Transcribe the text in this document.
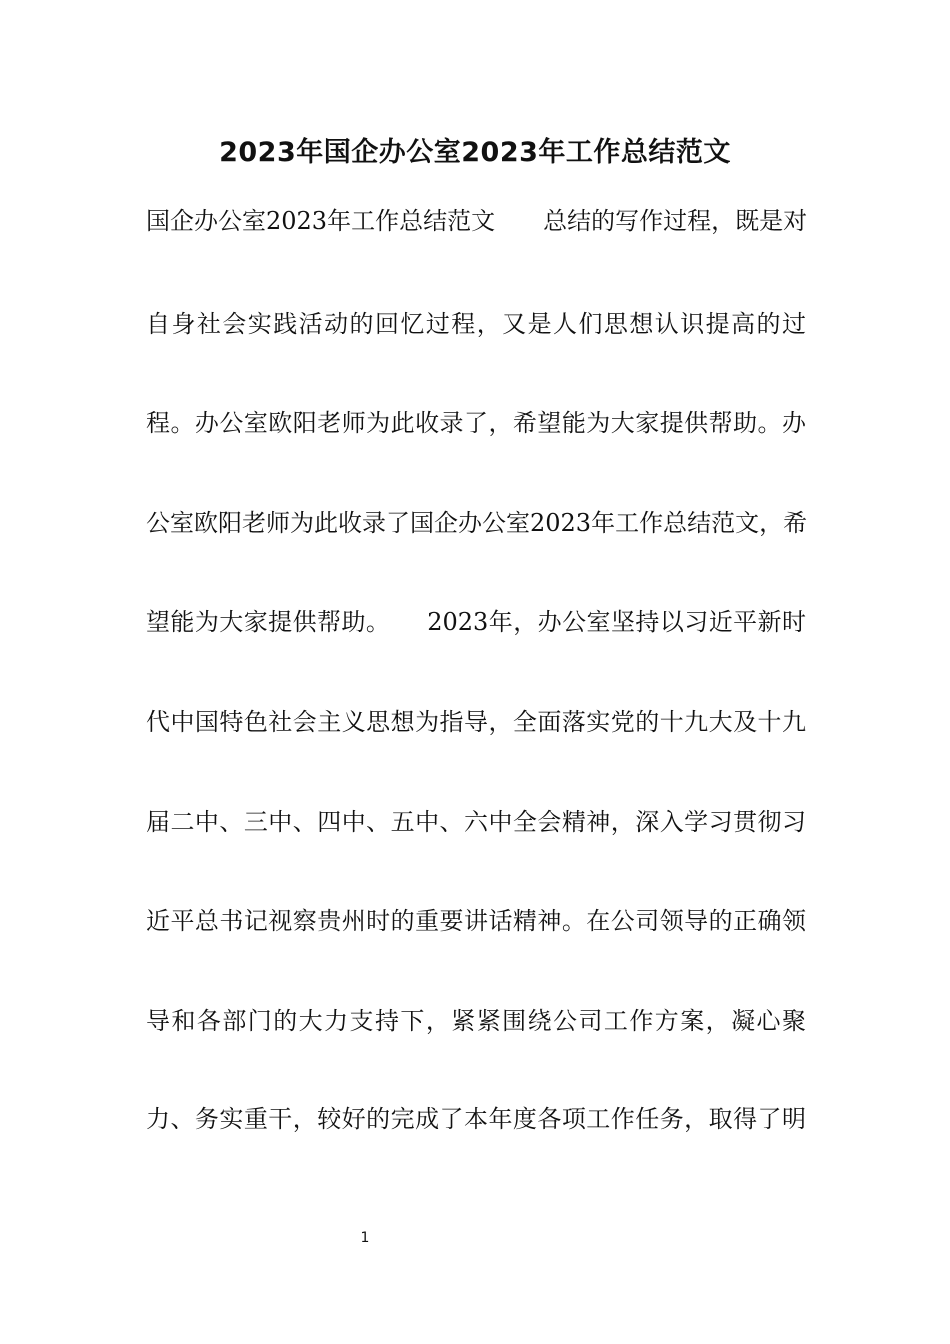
2023年国企办公室2023年工作总结范文
国企办公室2023年工作总结范文　　总结的写作过程，既是对
自身社会实践活动的回忆过程，又是人们思想认识提高的过
程。办公室欧阳老师为此收录了，希望能为大家提供帮助。办
公室欧阳老师为此收录了国企办公室2023年工作总结范文，希
望能为大家提供帮助。　　2023年，办公室坚持以习近平新时
代中国特色社会主义思想为指导，全面落实党的十九大及十九
届二中、三中、四中、五中、六中全会精神，深入学习贯彻习
近平总书记视察贵州时的重要讲话精神。在公司领导的正确领
导和各部门的大力支持下，紧紧围绕公司工作方案，凝心聚
力、务实重干，较好的完成了本年度各项工作任务，取得了明
1
